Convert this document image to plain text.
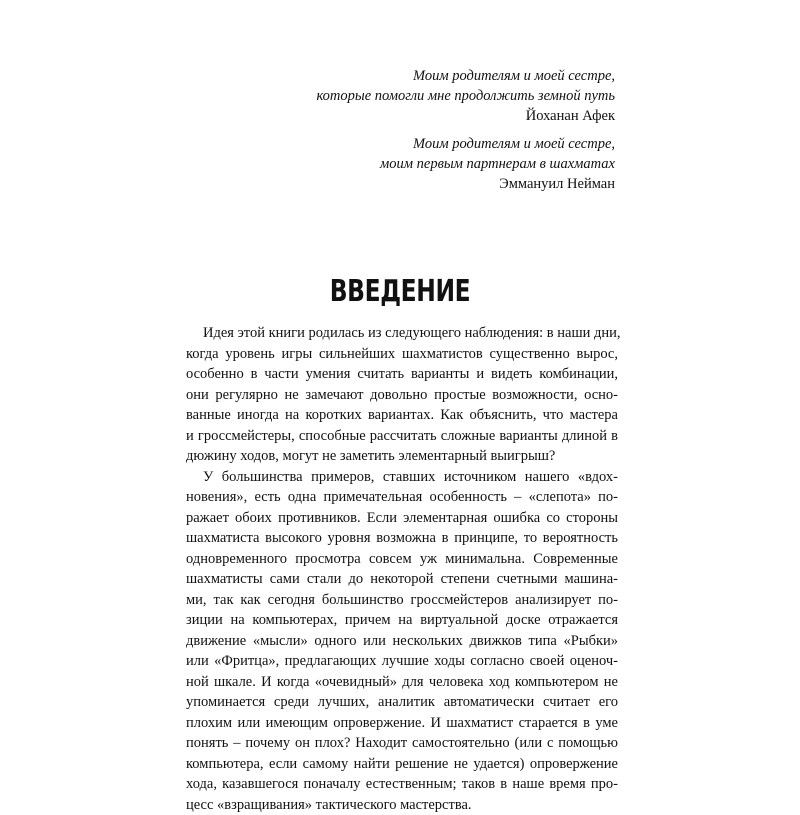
Моим родителям и моей сестре,
которые помогли мне продолжить земной путь
Йоханан Афек
Моим родителям и моей сестре,
моим первым партнерам в шахматах
Эммануил Нейман
ВВЕДЕНИЕ
Идея этой книги родилась из следующего наблюдения: в наши дни,
когда уровень игры сильнейших шахматистов существенно вырос,
особенно в части умения считать варианты и видеть комбинации,
они регулярно не замечают довольно простые возможности, осно-
ванные иногда на коротких вариантах. Как объяснить, что мастера
и гроссмейстеры, способные рассчитать сложные варианты длиной в
дюжину ходов, могут не заметить элементарный выигрыш?
У большинства примеров, ставших источником нашего «вдох-
новения», есть одна примечательная особенность – «слепота» по-
ражает обоих противников. Если элементарная ошибка со стороны
шахматиста высокого уровня возможна в принципе, то вероятность
одновременного просмотра совсем уж минимальна. Современные
шахматисты сами стали до некоторой степени счетными машина-
ми, так как сегодня большинство гроссмейстеров анализирует по-
зиции на компьютерах, причем на виртуальной доске отражается
движение «мысли» одного или нескольких движков типа «Рыбки»
или «Фритца», предлагающих лучшие ходы согласно своей оценоч-
ной шкале. И когда «очевидный» для человека ход компьютером не
упоминается среди лучших, аналитик автоматически считает его
плохим или имеющим опровержение. И шахматист старается в уме
понять – почему он плох? Находит самостоятельно (или с помощью
компьютера, если самому найти решение не удается) опровержение
хода, казавшегося поначалу естественным; таков в наше время про-
цесс «взращивания» тактического мастерства.
